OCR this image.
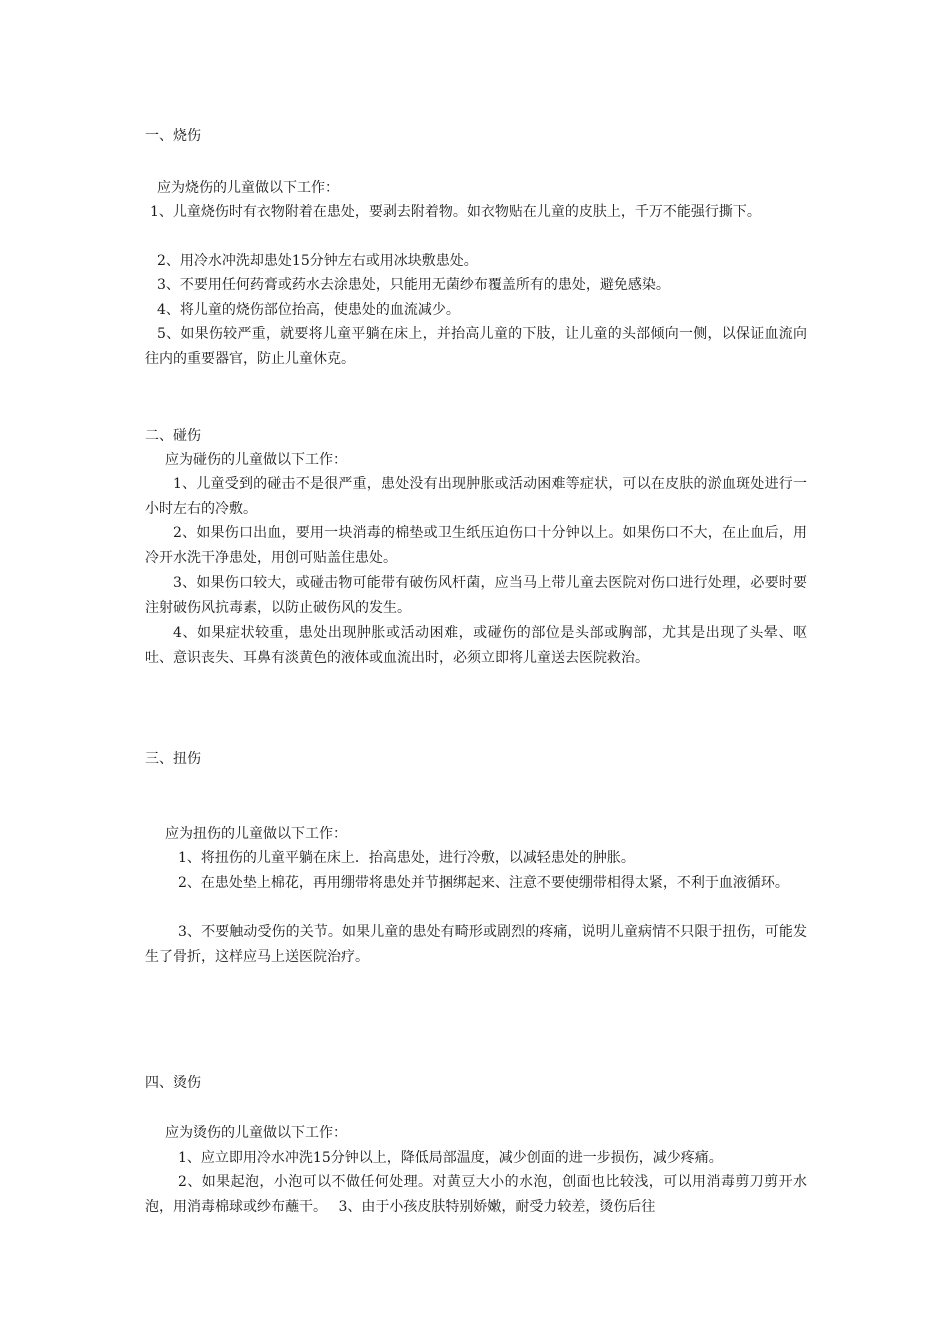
一、烧伤

应为烧伤的儿童做以下工作：

1、儿童烧伤时有衣物附着在患处，要剥去附着物。如衣物贴在儿童的皮肤上，千万不能强行撕下。

2、用冷水冲洗却患处15分钟左右或用冰块敷患处。

3、不要用任何药膏或药水去涂患处，只能用无菌纱布覆盖所有的患处，避免感染。

4、将儿童的烧伤部位抬高，使患处的血流减少。

5、如果伤较严重，就要将儿童平躺在床上，并抬高儿童的下肢，让儿童的头部倾向一侧，以保证血流向往内的重要器官，防止儿童休克。

二、碰伤

应为碰伤的儿童做以下工作：

1、儿童受到的碰击不是很严重，患处没有出现肿胀或活动困难等症状，可以在皮肤的淤血斑处进行一小时左右的冷敷。

2、如果伤口出血，要用一块消毒的棉垫或卫生纸压迫伤口十分钟以上。如果伤口不大，在止血后，用冷开水洗干净患处，用创可贴盖住患处。

3、如果伤口较大，或碰击物可能带有破伤风杆菌，应当马上带儿童去医院对伤口进行处理，必要时要注射破伤风抗毒素，以防止破伤风的发生。

4、如果症状较重，患处出现肿胀或活动困难，或碰伤的部位是头部或胸部，尤其是出现了头晕、呕吐、意识丧失、耳鼻有淡黄色的液体或血流出时，必须立即将儿童送去医院救治。

三、扭伤

应为扭伤的儿童做以下工作：

1、将扭伤的儿童平躺在床上．抬高患处，进行冷敷，以减轻患处的肿胀。

2、在患处垫上棉花，再用绷带将患处并节捆绑起来、注意不要使绷带相得太紧，不利于血液循环。

3、不要触动受伤的关节。如果儿童的患处有畸形或剧烈的疼痛，说明儿童病情不只限于扭伤，可能发生了骨折，这样应马上送医院治疗。

四、烫伤

应为烫伤的儿童做以下工作：

1、应立即用冷水冲洗15分钟以上，降低局部温度，减少创面的进一步损伤，减少疼痛。

2、如果起泡，小泡可以不做任何处理。对黄豆大小的水泡，创面也比较浅，可以用消毒剪刀剪开水泡，用消毒棉球或纱布蘸干。　 3、由于小孩皮肤特别娇嫩，耐受力较差，烫伤后往
